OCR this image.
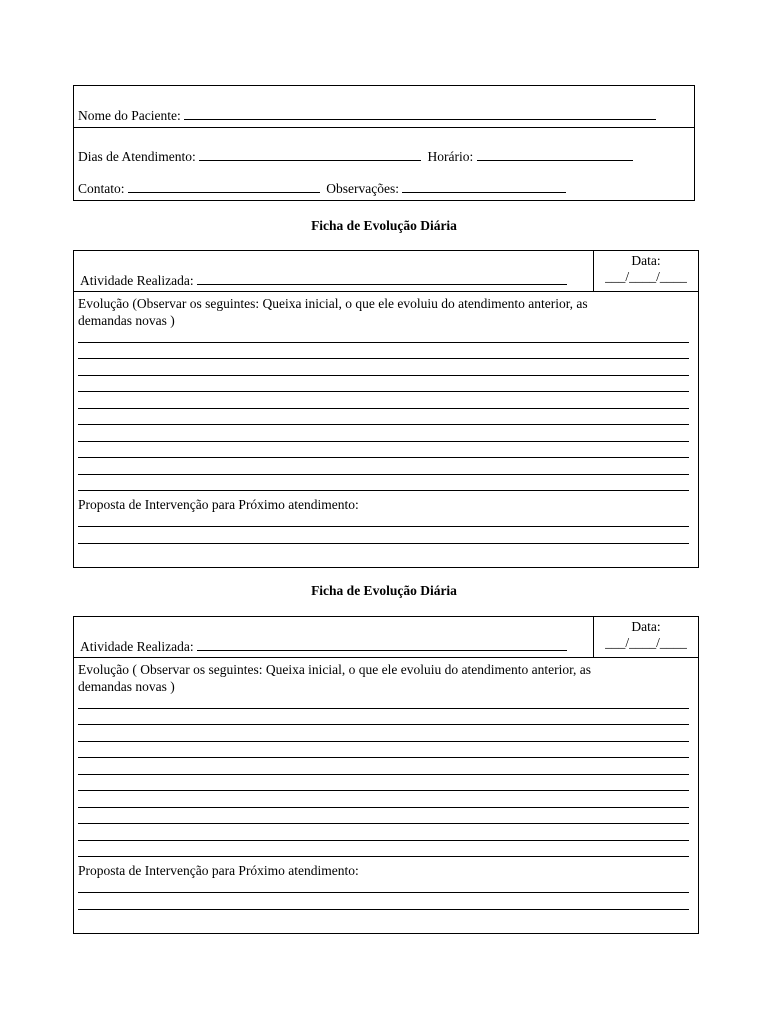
Nome do Paciente:
Dias de Atendimento:	Horário:
Contato:	Observações:
Ficha de Evolução Diária
Atividade Realizada:
Data:
___/____/____
Evolução (Observar os seguintes: Queixa inicial, o que ele evoluiu do atendimento anterior, as
demandas novas )
Proposta de Intervenção para Próximo atendimento:
Ficha de Evolução Diária
Atividade Realizada:
Data:
___/____/____
Evolução ( Observar os seguintes: Queixa inicial, o que ele evoluiu do atendimento anterior, as
demandas novas )
Proposta de Intervenção para Próximo atendimento:
